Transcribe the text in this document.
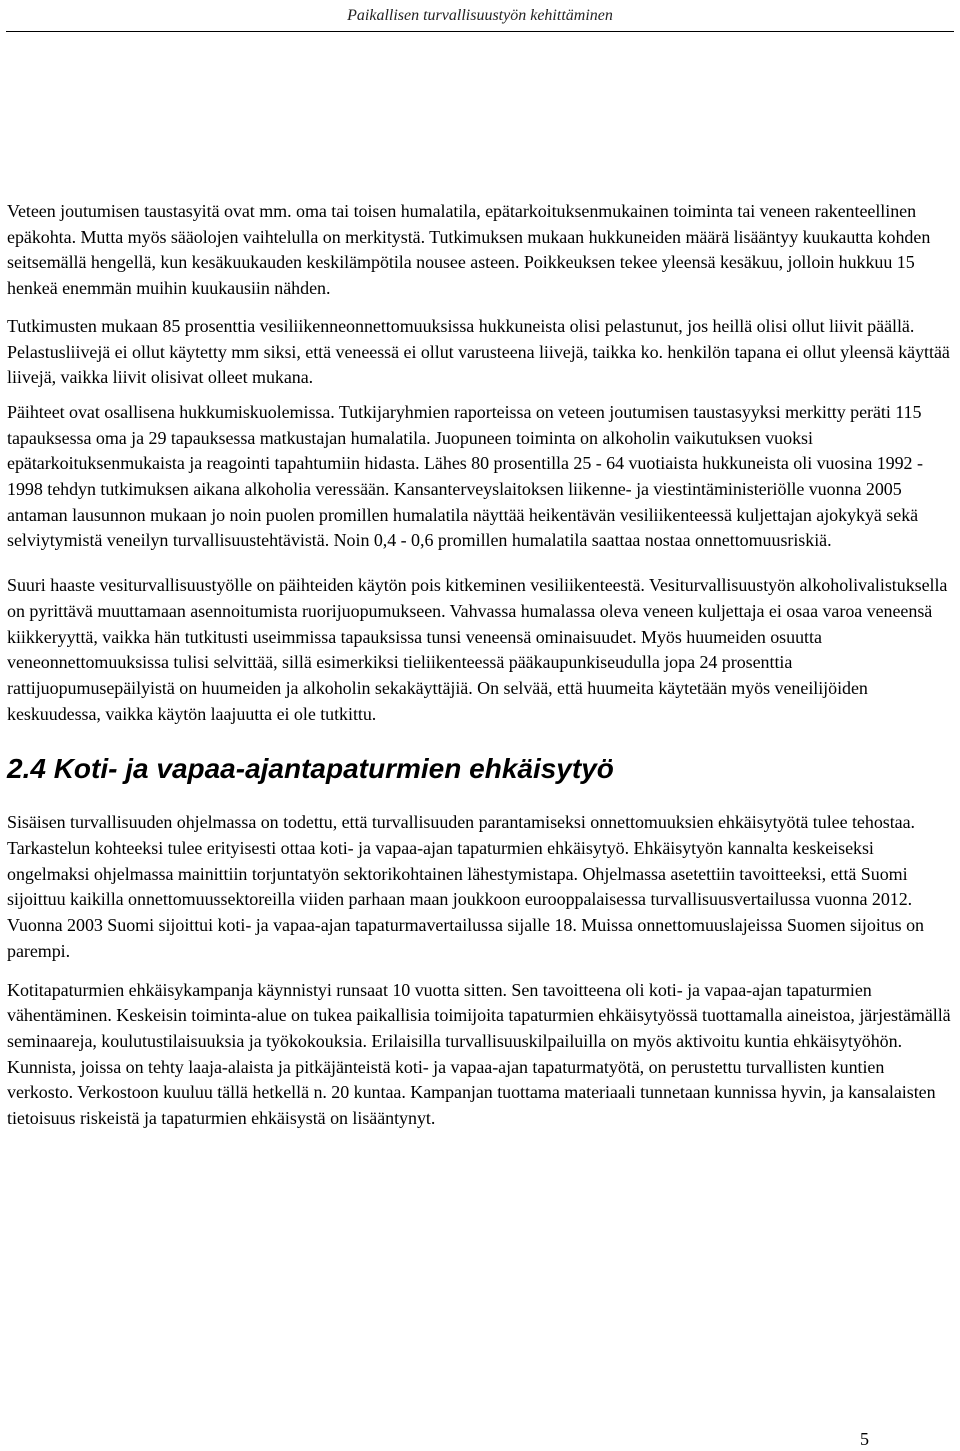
Paikallisen turvallisuustyön kehittäminen

Veteen joutumisen taustasyitä ovat mm. oma tai toisen humalatila, epätarkoituksenmukainen toiminta tai veneen rakenteellinen epäkohta. Mutta myös sääolojen vaihtelulla on merkitystä. Tutkimuksen mukaan hukkuneiden määrä lisääntyy kuukautta kohden seitsemällä hengellä, kun kesäkuukauden keskilämpötila nousee asteen. Poikkeuksen tekee yleensä kesäkuu, jolloin hukkuu 15 henkeä enemmän muihin kuukausiin nähden.

Tutkimusten mukaan 85 prosenttia vesiliikenneonnettomuuksissa hukkuneista olisi pelastunut, jos heillä olisi ollut liivit päällä. Pelastusliivejä ei ollut käytetty mm siksi, että veneessä ei ollut varusteena liivejä, taikka ko. henkilön tapana ei ollut yleensä käyttää liivejä, vaikka liivit olisivat olleet mukana.

Päihteet ovat osallisena hukkumiskuolemissa. Tutkijaryhmien raporteissa on veteen joutumisen taustasyyksi merkitty peräti 115 tapauksessa oma ja 29 tapauksessa matkustajan humalatila. Juopuneen toiminta on alkoholin vaikutuksen vuoksi epätarkoituksenmukaista ja reagointi tapahtumiin hidasta. Lähes 80 prosentilla 25 - 64 vuotiaista hukkuneista oli vuosina 1992 - 1998 tehdyn tutkimuksen aikana alkoholia veressään. Kansanterveyslaitoksen liikenne- ja viestintäministeriölle vuonna 2005 antaman lausunnon mukaan jo noin puolen promillen humalatila näyttää heikentävän vesiliikenteessä kuljettajan ajokykyä sekä selviytymistä veneilyn turvallisuustehtävistä. Noin 0,4 - 0,6 promillen humalatila saattaa nostaa onnettomuusriskiä.

Suuri haaste vesiturvallisuustyölle on päihteiden käytön pois kitkeminen vesiliikenteestä. Vesiturvallisuustyön alkoholivalistuksella on pyrittävä muuttamaan asennoitumista ruorijuopumukseen. Vahvassa humalassa oleva veneen kuljettaja ei osaa varoa veneensä kiikkeryyttä, vaikka hän tutkitusti useimmissa tapauksissa tunsi veneensä ominaisuudet. Myös huumeiden osuutta veneonnettomuuksissa tulisi selvittää, sillä esimerkiksi tieliikenteessä pääkaupunkiseudulla jopa 24 prosenttia rattijuopumusepäilyistä on huumeiden ja alkoholin sekakäyttäjiä. On selvää, että huumeita käytetään myös veneilijöiden keskuudessa, vaikka käytön laajuutta ei ole tutkittu.

2.4 Koti- ja vapaa-ajantapaturmien ehkäisytyö

Sisäisen turvallisuuden ohjelmassa on todettu, että turvallisuuden parantamiseksi onnettomuuksien ehkäisytyötä tulee tehostaa. Tarkastelun kohteeksi tulee erityisesti ottaa koti- ja vapaa-ajan tapaturmien ehkäisytyö. Ehkäisytyön kannalta keskeiseksi ongelmaksi ohjelmassa mainittiin torjuntatyön sektorikohtainen lähestymistapa. Ohjelmassa asetettiin tavoitteeksi, että Suomi sijoittuu kaikilla onnettomuussektoreilla viiden parhaan maan joukkoon eurooppalaisessa turvallisuusvertailussa vuonna 2012. Vuonna 2003 Suomi sijoittui koti- ja vapaa-ajan tapaturmavertailussa sijalle 18. Muissa onnettomuuslajeissa Suomen sijoitus on parempi.

Kotitapaturmien ehkäisykampanja käynnistyi runsaat 10 vuotta sitten. Sen tavoitteena oli koti- ja vapaa-ajan tapaturmien vähentäminen. Keskeisin toiminta-alue on tukea paikallisia toimijoita tapaturmien ehkäisytyössä tuottamalla aineistoa, järjestämällä seminaareja, koulutustilaisuuksia ja työkokouksia. Erilaisilla turvallisuuskilpailuilla on myös aktivoitu kuntia ehkäisytyöhön. Kunnista, joissa on tehty laaja-alaista ja pitkäjänteistä koti- ja vapaa-ajan tapaturmatyötä, on perustettu turvallisten kuntien verkosto. Verkostoon kuuluu tällä hetkellä n. 20 kuntaa. Kampanjan tuottama materiaali tunnetaan kunnissa hyvin, ja kansalaisten tietoisuus riskeistä ja tapaturmien ehkäisystä on lisääntynyt.

5
